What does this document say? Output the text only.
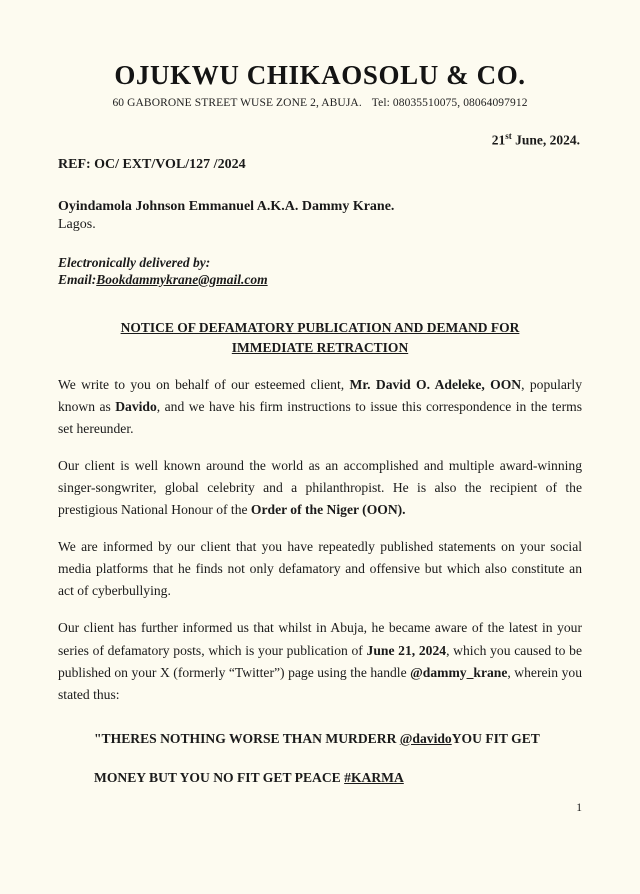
OJUKWU CHIKAOSOLU & CO.
60 GABORONE STREET WUSE ZONE 2, ABUJA. Tel: 08035510075, 08064097912
21st June, 2024.
REF: OC/ EXT/VOL/127 /2024
Oyindamola Johnson Emmanuel A.K.A. Dammy Krane.
Lagos.
Electronically delivered by:
Email:Bookdammykrane@gmail.com
NOTICE OF DEFAMATORY PUBLICATION AND DEMAND FOR
IMMEDIATE RETRACTION

We write to you on behalf of our esteemed client, Mr. David O. Adeleke, OON, popularly known as Davido, and we have his firm instructions to issue this correspondence in the terms set hereunder.

Our client is well known around the world as an accomplished and multiple award-winning singer-songwriter, global celebrity and a philanthropist. He is also the recipient of the prestigious National Honour of the Order of the Niger (OON).

We are informed by our client that you have repeatedly published statements on your social media platforms that he finds not only defamatory and offensive but which also constitute an act of cyberbullying.

Our client has further informed us that whilst in Abuja, he became aware of the latest in your series of defamatory posts, which is your publication of June 21, 2024, which you caused to be published on your X (formerly “Twitter”) page using the handle @dammy_krane, wherein you stated thus:

"THERES NOTHING WORSE THAN MURDERR @davidoYOU FIT GET
MONEY BUT YOU NO FIT GET PEACE #KARMA
1
